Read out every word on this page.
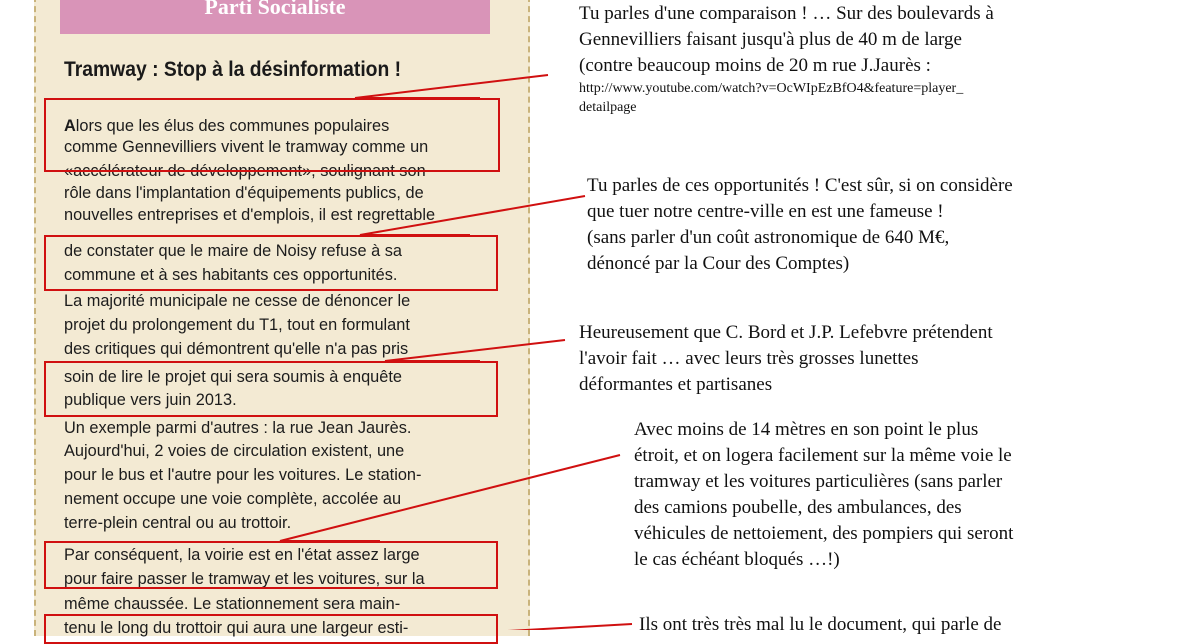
Parti Socialiste
Tramway : Stop à la désinformation !
Alors que les élus des communes populaires
comme Gennevilliers vivent le tramway comme un
«accélérateur de développement», soulignant son
rôle dans l'implantation d'équipements publics, de
nouvelles entreprises et d'emplois, il est regrettable
de constater que le maire de Noisy refuse à sa
commune et à ses habitants ces opportunités.
La majorité municipale ne cesse de dénoncer le
projet du prolongement du T1, tout en formulant
des critiques qui démontrent qu'elle n'a pas pris
soin de lire le projet qui sera soumis à enquête
publique vers juin 2013.
Un exemple parmi d'autres : la rue Jean Jaurès.
Aujourd'hui, 2 voies de circulation existent, une
pour le bus et l'autre pour les voitures. Le station-
nement occupe une voie complète, accolée au
terre-plein central ou au trottoir.
Par conséquent, la voirie est en l'état assez large
pour faire passer le tramway et les voitures, sur la
même chaussée. Le stationnement sera main-
tenu le long du trottoir qui aura une largeur esti-
Tu parles d'une comparaison ! … Sur des boulevards à
Gennevilliers faisant jusqu'à plus de 40 m de large
(contre beaucoup moins de 20 m rue J.Jaurès :
http://www.youtube.com/watch?v=OcWIpEzBfO4&feature=player_
detailpage
Tu parles de ces opportunités ! C'est sûr, si on considère
que tuer notre centre-ville en est une fameuse !
(sans parler d'un coût astronomique de 640 M€,
dénoncé par la Cour des Comptes)
Heureusement que C. Bord et J.P. Lefebvre prétendent
l'avoir fait … avec leurs très grosses lunettes
déformantes et partisanes
Avec moins de 14 mètres en son point le plus
étroit, et on logera facilement sur la même voie le
tramway et les voitures particulières (sans parler
des camions poubelle, des ambulances, des
véhicules de nettoiement, des pompiers qui seront
le cas échéant bloqués …!)
Ils ont très très mal lu le document, qui parle de
